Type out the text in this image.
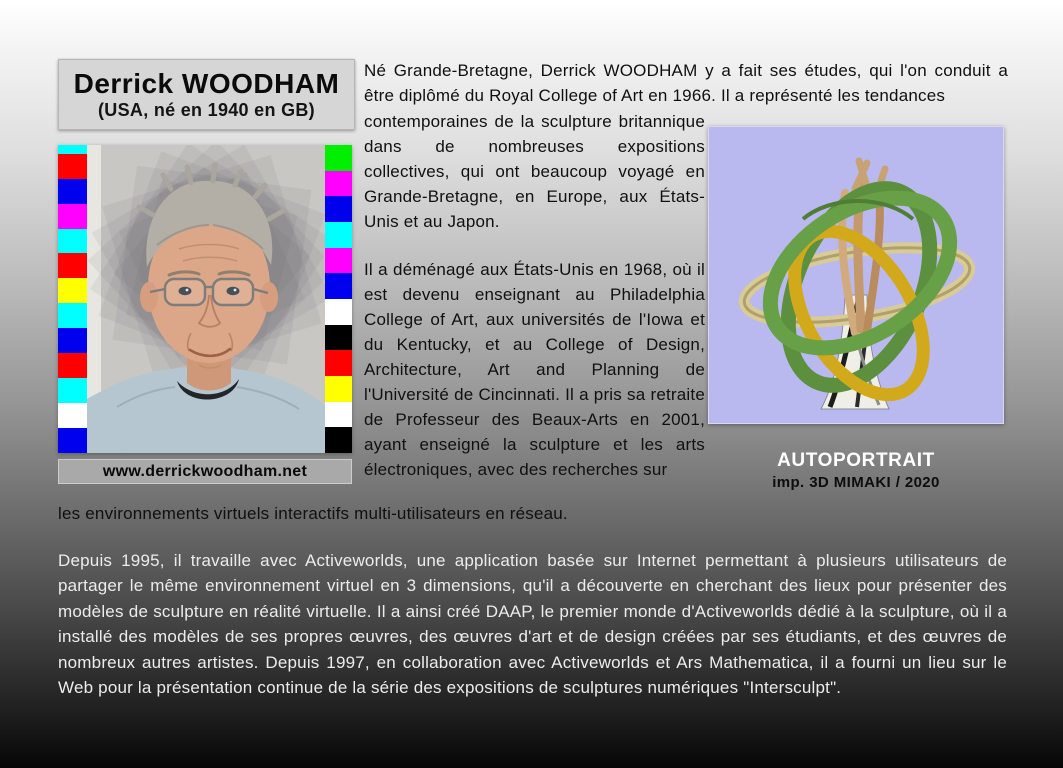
Derrick WOODHAM
(USA, né en 1940 en GB)
www.derrickwoodham.net
Né Grande-Bretagne, Derrick WOODHAM y a fait ses études, qui l'on conduit a être diplômé du Royal College of Art en 1966. Il a représenté les tendances

contemporaines de la sculpture britannique dans de nombreuses expositions collectives, qui ont beaucoup voyagé en Grande-Bretagne, en Europe, aux États-Unis et au Japon.

Il a déménagé aux États-Unis en 1968, où il est devenu enseignant au Philadelphia College of Art, aux universités de l'Iowa et du Kentucky, et au College of Design, Architecture, Art and Planning de l'Université de Cincinnati. Il a pris sa retraite de Professeur des Beaux-Arts en 2001, ayant enseigné la sculpture et les arts électroniques, avec des recherches sur

les environnements virtuels interactifs multi-utilisateurs en réseau.
Depuis 1995, il travaille avec Activeworlds, une application basée sur Internet permettant à plusieurs utilisateurs de partager le même environnement virtuel en 3 dimensions, qu'il a découverte en cherchant des lieux pour présenter des modèles de sculpture en réalité virtuelle. Il a ainsi créé DAAP, le premier monde d'Activeworlds dédié à la sculpture, où il a installé des modèles de ses propres œuvres, des œuvres d'art et de design créées par ses étudiants, et des œuvres de nombreux autres artistes. Depuis 1997, en collaboration avec Activeworlds et Ars Mathematica, il a fourni un lieu sur le Web pour la présentation continue de la série des expositions de sculptures numériques "Intersculpt".
AUTOPORTRAIT
imp. 3D MIMAKI / 2020
